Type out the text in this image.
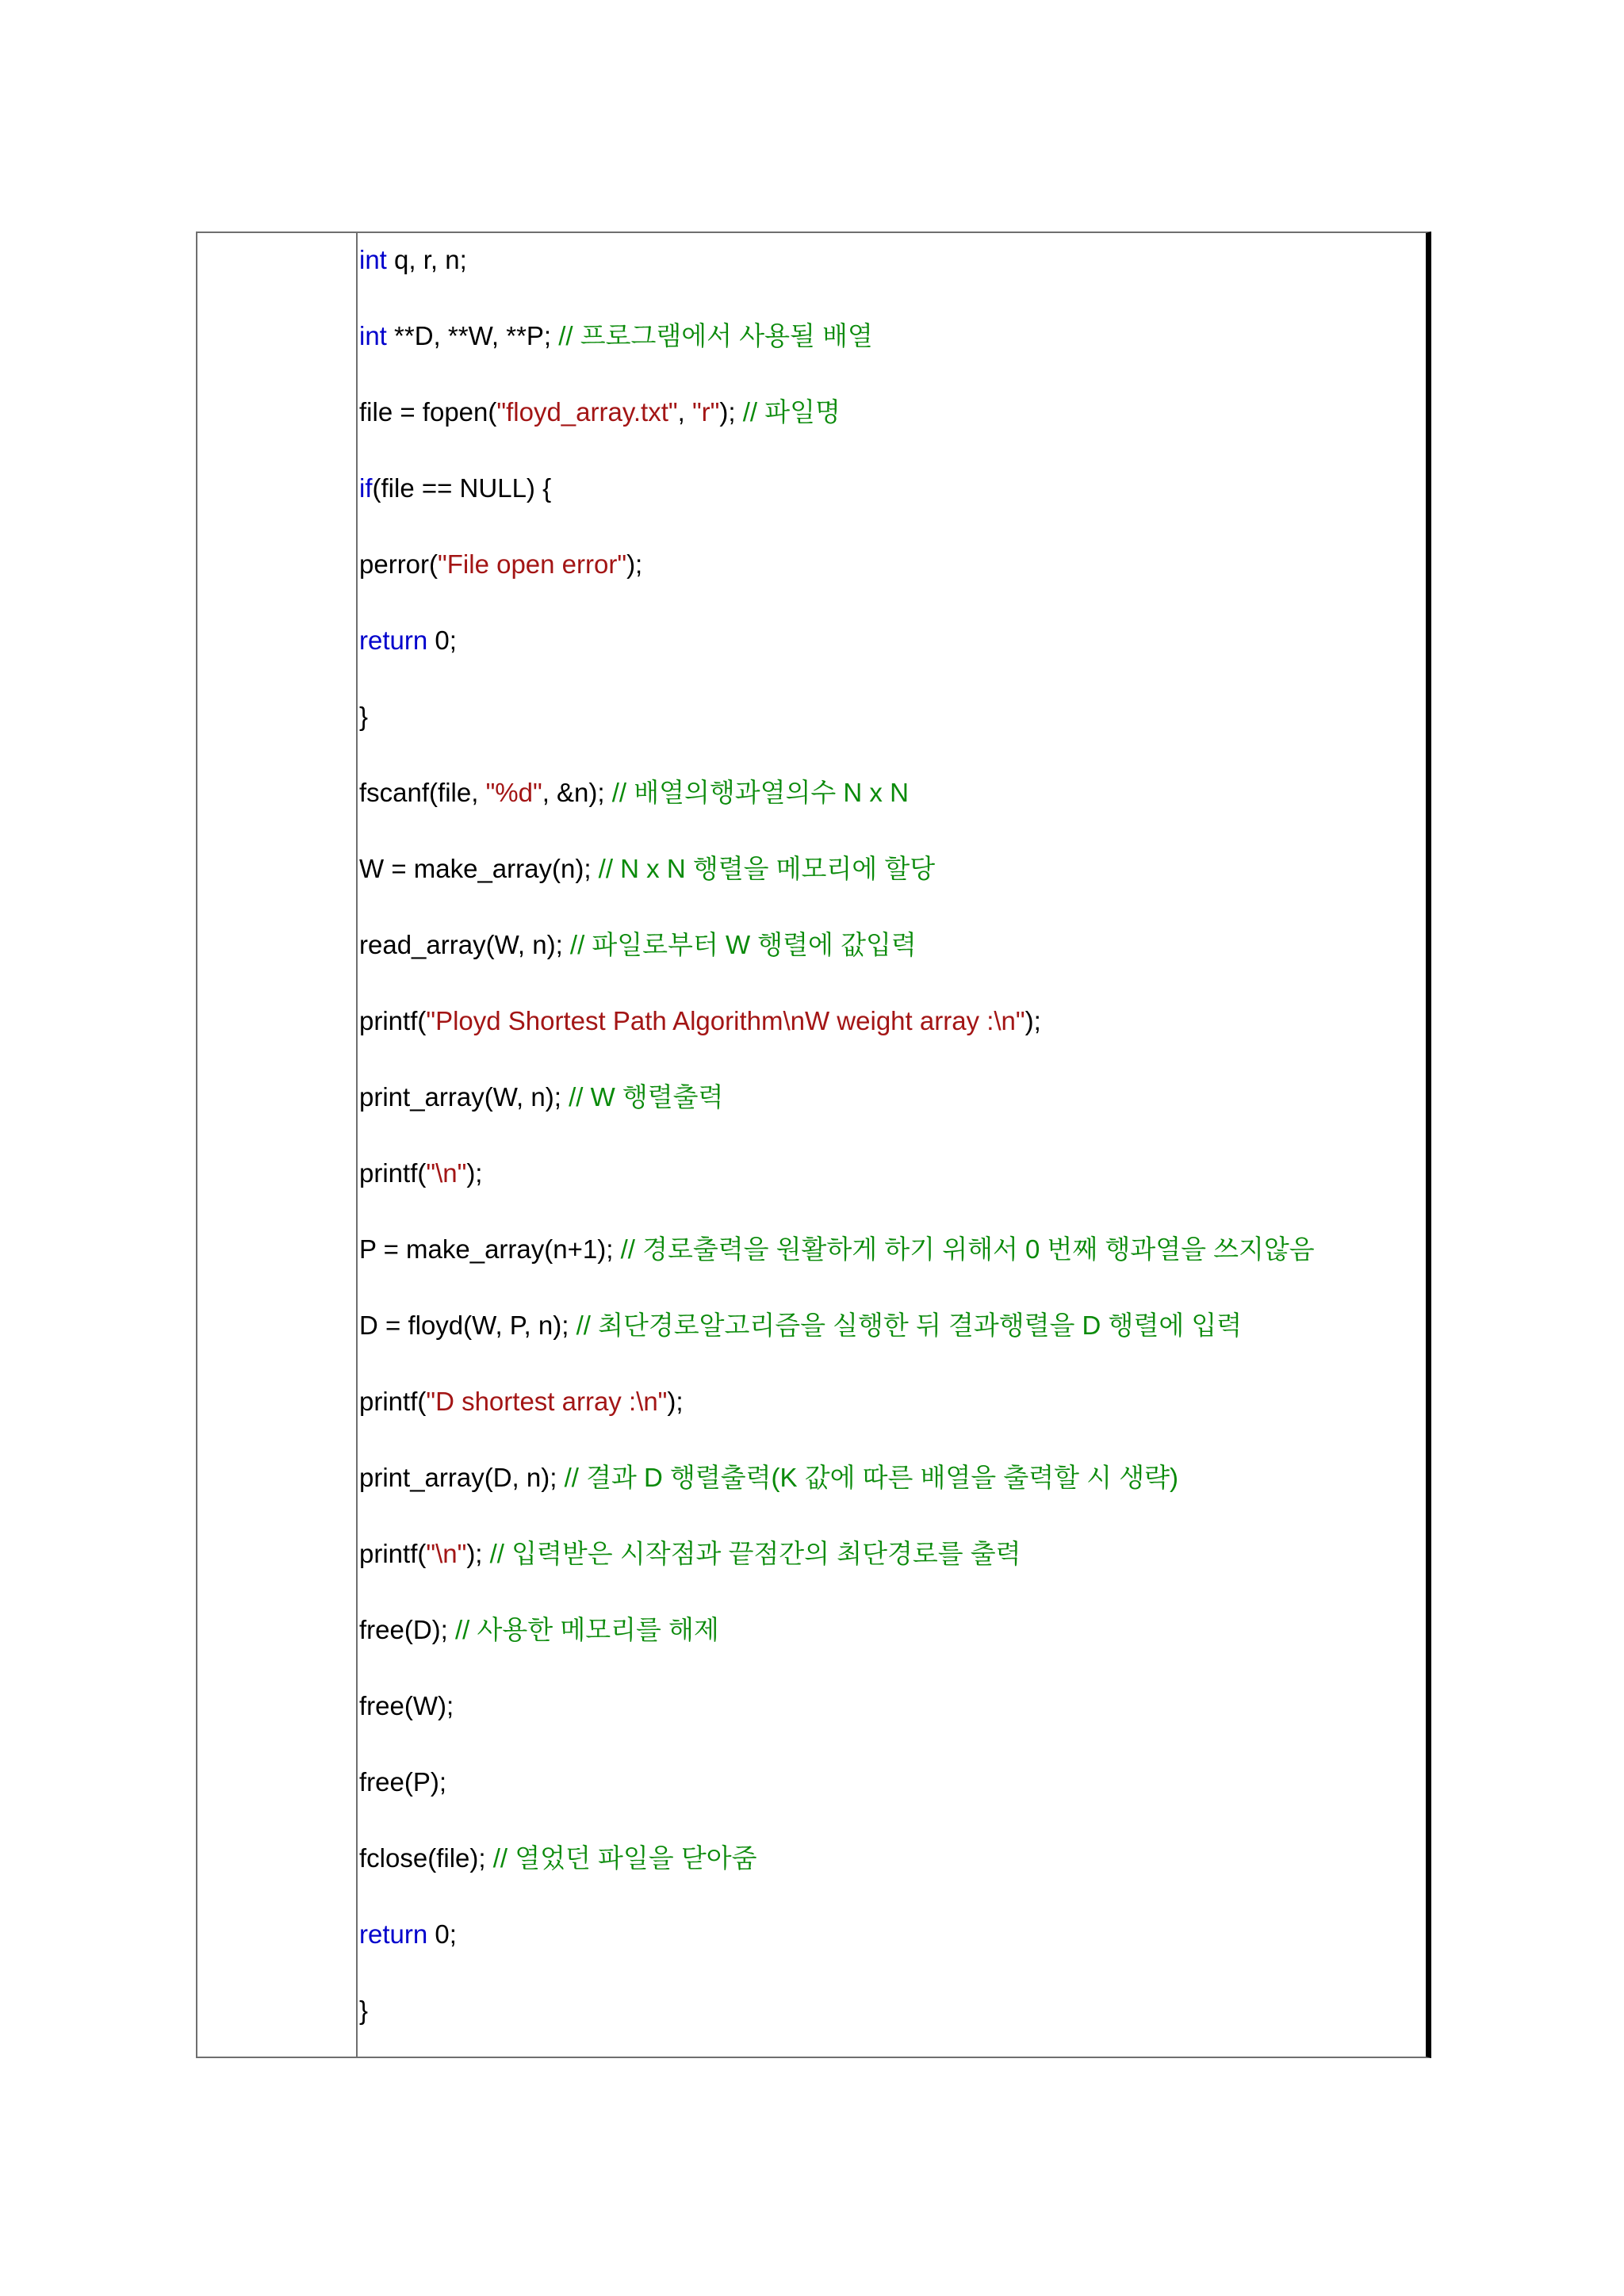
int q, r, n;
int **D, **W, **P; // 프로그램에서 사용될 배열
file = fopen("floyd_array.txt", "r"); // 파일명
if(file == NULL) {
perror("File open error");
return 0;
}
fscanf(file, "%d", &n); // 배열의행과열의수 N x N
W = make_array(n); // N x N 행렬을 메모리에 할당
read_array(W, n); // 파일로부터 W 행렬에 값입력
printf("Ployd Shortest Path Algorithm\nW weight array :\n");
print_array(W, n); // W 행렬출력
printf("\n");
P = make_array(n+1); // 경로출력을 원활하게 하기 위해서 0 번째 행과열을 쓰지않음
D = floyd(W, P, n); // 최단경로알고리즘을 실행한 뒤 결과행렬을 D 행렬에 입력
printf("D shortest array :\n");
print_array(D, n); // 결과 D 행렬출력(K 값에 따른 배열을 출력할 시 생략)
printf("\n"); // 입력받은 시작점과 끝점간의 최단경로를 출력
free(D); // 사용한 메모리를 해제
free(W);
free(P);
fclose(file); // 열었던 파일을 닫아줌
return 0;
}
